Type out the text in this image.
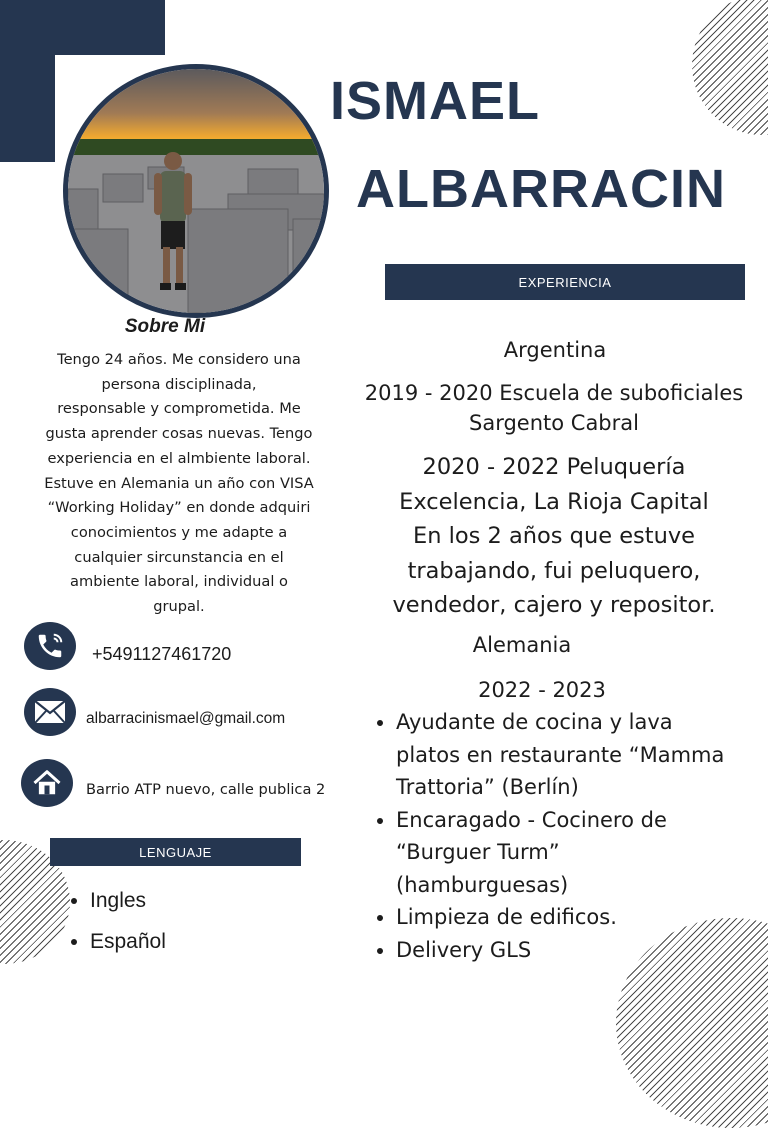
ISMAEL
ALBARRACIN
Sobre Mi
Tengo 24 años. Me considero una
persona disciplinada,
responsable y comprometida. Me
gusta aprender cosas nuevas. Tengo
experiencia en el almbiente laboral.
Estuve en Alemania un año con VISA
“Working Holiday” en donde adquiri
conocimientos y me adapte a
cualquier sircunstancia en el
ambiente laboral, individual o
grupal.
+5491127461720
albarracinismael@gmail.com
Barrio ATP nuevo, calle publica 2
LENGUAJE
• Ingles
• Español
EXPERIENCIA
Argentina
2019 - 2020 Escuela de suboficiales
Sargento Cabral
2020 - 2022 Peluquería
Excelencia, La Rioja Capital
En los 2 años que estuve
trabajando, fui peluquero,
vendedor, cajero y repositor.
Alemania
2022 - 2023
• Ayudante de cocina y lava platos en restaurante “Mamma Trattoria” (Berlín)
• Encaragado - Cocinero de “Burguer Turm” (hamburguesas)
• Limpieza de edificos.
• Delivery GLS
